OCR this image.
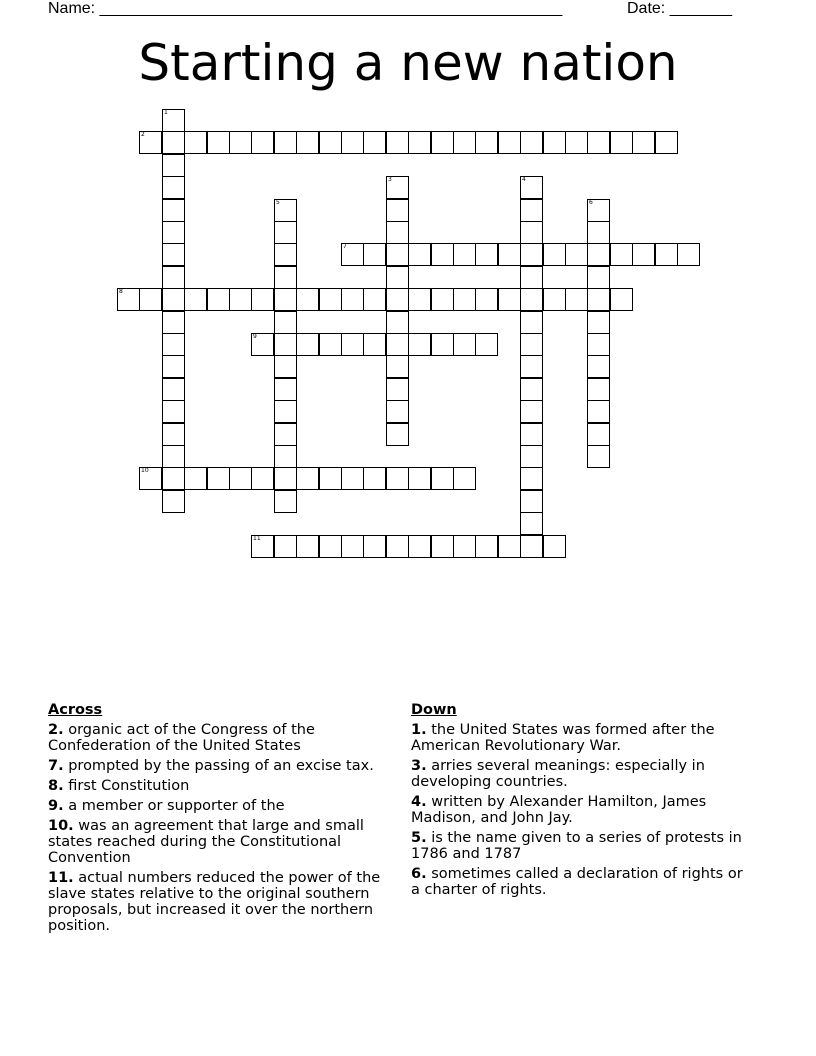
Name: ____________________________________________________	Date: _______
Starting a new nation
1
2
3	4
5	6
7
8
9
10
11
Across
2. organic act of the Congress of the Confederation of the United States
7. prompted by the passing of an excise tax.
8. first Constitution
9. a member or supporter of the
10. was an agreement that large and small states reached during the Constitutional Convention
11. actual numbers reduced the power of the slave states relative to the original southern proposals, but increased it over the northern position.
Down
1. the United States was formed after the American Revolutionary War.
3. arries several meanings: especially in developing countries.
4. written by Alexander Hamilton, James Madison, and John Jay.
5. is the name given to a series of protests in 1786 and 1787
6. sometimes called a declaration of rights or a charter of rights.
